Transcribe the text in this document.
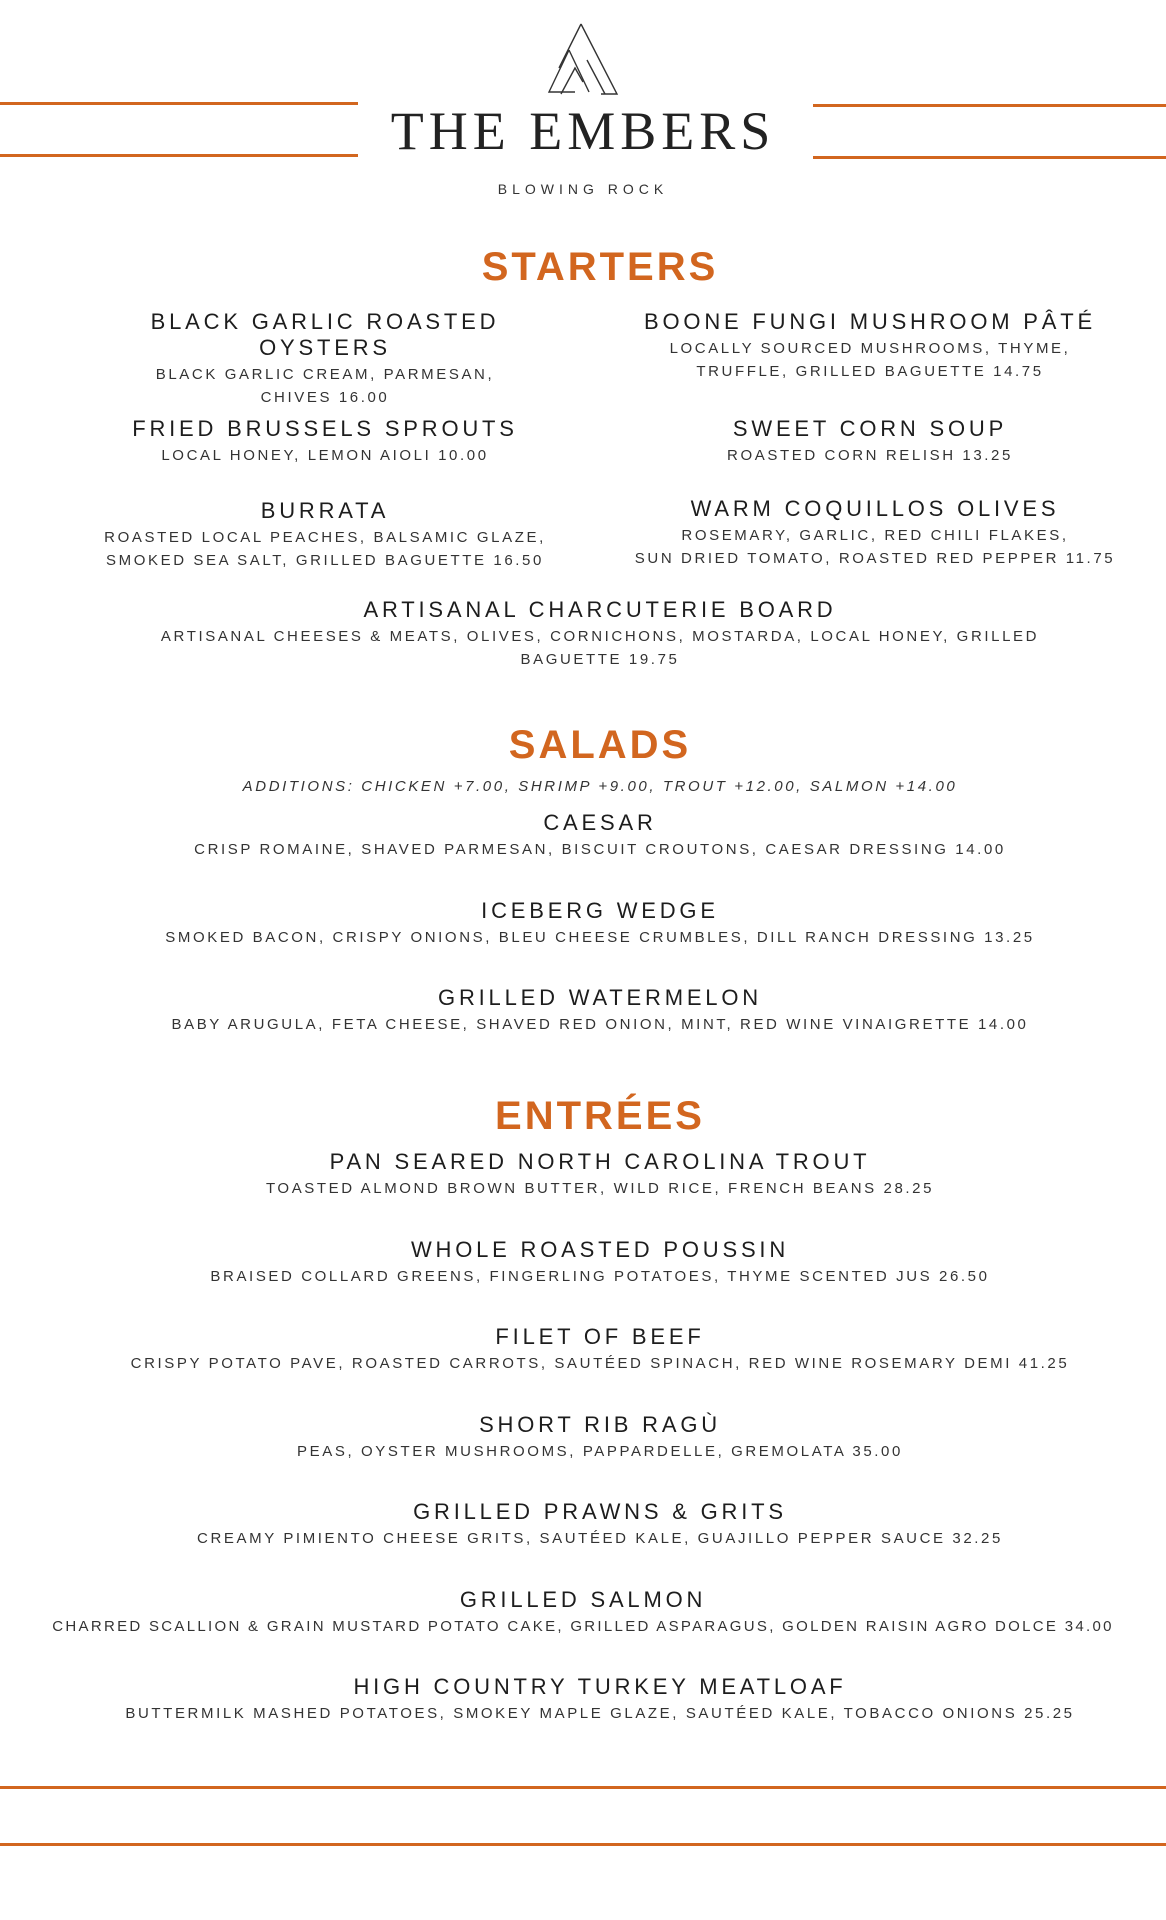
THE EMBERS
BLOWING ROCK
STARTERS
BLACK GARLIC ROASTED OYSTERS
BLACK GARLIC CREAM, PARMESAN,
CHIVES 16.00
BOONE FUNGI MUSHROOM PÂTÉ
LOCALLY SOURCED MUSHROOMS, THYME,
TRUFFLE, GRILLED BAGUETTE 14.75
FRIED BRUSSELS SPROUTS
LOCAL HONEY, LEMON AIOLI 10.00
SWEET CORN SOUP
ROASTED CORN RELISH 13.25
BURRATA
ROASTED LOCAL PEACHES, BALSAMIC GLAZE,
SMOKED SEA SALT, GRILLED BAGUETTE 16.50
WARM COQUILLOS OLIVES
ROSEMARY, GARLIC, RED CHILI FLAKES,
SUN DRIED TOMATO, ROASTED RED PEPPER 11.75
ARTISANAL CHARCUTERIE BOARD
ARTISANAL CHEESES & MEATS, OLIVES, CORNICHONS, MOSTARDA, LOCAL HONEY, GRILLED
BAGUETTE 19.75
SALADS
ADDITIONS: CHICKEN +7.00, SHRIMP +9.00, TROUT +12.00, SALMON +14.00
CAESAR
CRISP ROMAINE, SHAVED PARMESAN, BISCUIT CROUTONS, CAESAR DRESSING 14.00
ICEBERG WEDGE
SMOKED BACON, CRISPY ONIONS, BLEU CHEESE CRUMBLES, DILL RANCH DRESSING 13.25
GRILLED WATERMELON
BABY ARUGULA, FETA CHEESE, SHAVED RED ONION, MINT, RED WINE VINAIGRETTE 14.00
ENTRÉES
PAN SEARED NORTH CAROLINA TROUT
TOASTED ALMOND BROWN BUTTER, WILD RICE, FRENCH BEANS 28.25
WHOLE ROASTED POUSSIN
BRAISED COLLARD GREENS, FINGERLING POTATOES, THYME SCENTED JUS 26.50
FILET OF BEEF
CRISPY POTATO PAVE, ROASTED CARROTS, SAUTÉED SPINACH, RED WINE ROSEMARY DEMI 41.25
SHORT RIB RAGÙ
PEAS, OYSTER MUSHROOMS, PAPPARDELLE, GREMOLATA 35.00
GRILLED PRAWNS & GRITS
CREAMY PIMIENTO CHEESE GRITS, SAUTÉED KALE, GUAJILLO PEPPER SAUCE 32.25
GRILLED SALMON
CHARRED SCALLION & GRAIN MUSTARD POTATO CAKE, GRILLED ASPARAGUS, GOLDEN RAISIN AGRO DOLCE 34.00
HIGH COUNTRY TURKEY MEATLOAF
BUTTERMILK MASHED POTATOES, SMOKEY MAPLE GLAZE, SAUTÉED KALE, TOBACCO ONIONS 25.25
